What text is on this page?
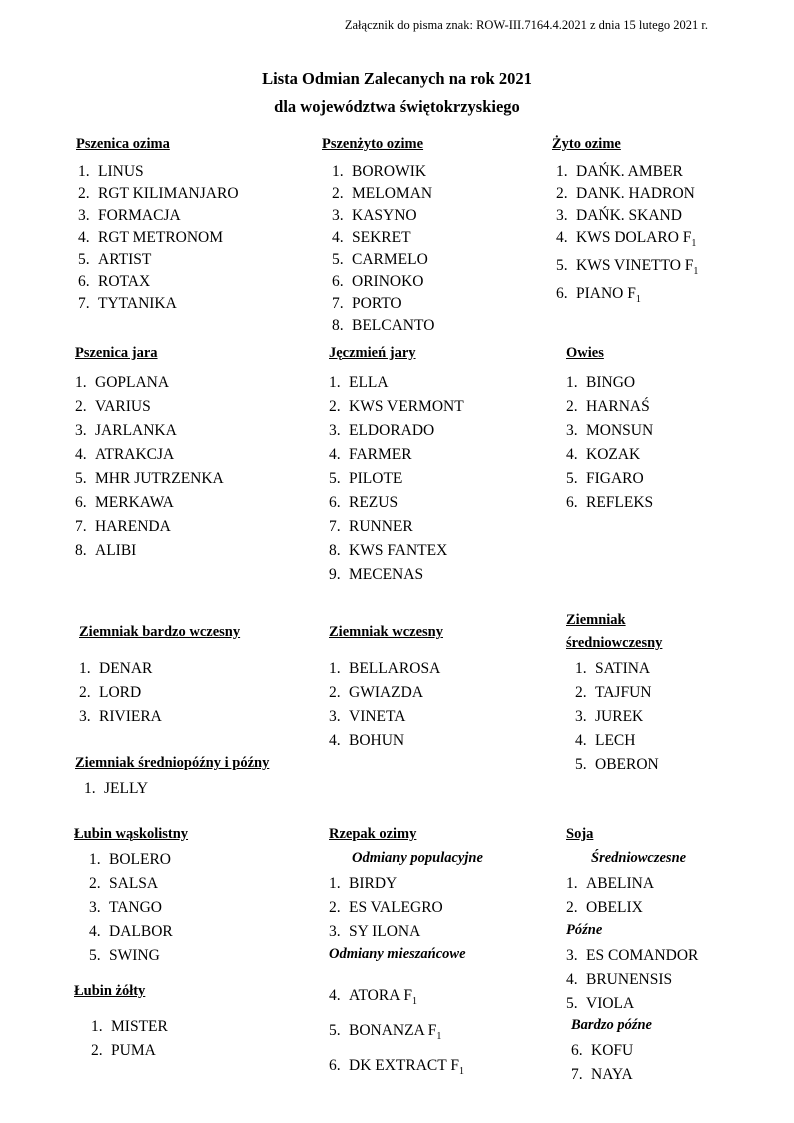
Załącznik do pisma znak: ROW-III.7164.4.2021 z dnia 15 lutego 2021 r.
Lista Odmian Zalecanych na rok 2021
dla województwa świętokrzyskiego
Pszenica ozima
1. LINUS
2. RGT KILIMANJARO
3. FORMACJA
4. RGT METRONOM
5. ARTIST
6. ROTAX
7. TYTANIKA
Pszenżyto ozime
1. BOROWIK
2. MELOMAN
3. KASYNO
4. SEKRET
5. CARMELO
6. ORINOKO
7. PORTO
8. BELCANTO
Żyto ozime
1. DAŃK. AMBER
2. DANK. HADRON
3. DAŃK. SKAND
4. KWS DOLARO $F_1$
5. KWS VINETTO $F_1$
6. PIANO $F_1$
Pszenica jara
1. GOPLANA
2. VARIUS
3. JARLANKA
4. ATRAKCJA
5. MHR JUTRZENKA
6. MERKAWA
7. HARENDA
8. ALIBI
Jęczmień jary
1. ELLA
2. KWS VERMONT
3. ELDORADO
4. FARMER
5. PILOTE
6. REZUS
7. RUNNER
8. KWS FANTEX
9. MECENAS
Owies
1. BINGO
2. HARNAŚ
3. MONSUN
4. KOZAK
5. FIGARO
6. REFLEKS
Ziemniak bardzo wczesny
1. DENAR
2. LORD
3. RIVIERA
Ziemniak wczesny
1. BELLAROSA
2. GWIAZDA
3. VINETA
4. BOHUN
Ziemniak
średniowczesny
1. SATINA
2. TAJFUN
3. JUREK
4. LECH
5. OBERON
Ziemniak średniopóźny i późny
1. JELLY
Łubin wąskolistny
1. BOLERO
2. SALSA
3. TANGO
4. DALBOR
5. SWING
Łubin żółty
1. MISTER
2. PUMA
Rzepak ozimy
Odmiany populacyjne
1. BIRDY
2. ES VALEGRO
3. SY ILONA
Odmiany mieszańcowe
4. ATORA $F_1$
5. BONANZA $F_1$
6. DK EXTRACT $F_1$
Soja
Średniowczesne
1. ABELINA
2. OBELIX
Późne
3. ES COMANDOR
4. BRUNENSIS
5. VIOLA
Bardzo późne
6. KOFU
7. NAYA
